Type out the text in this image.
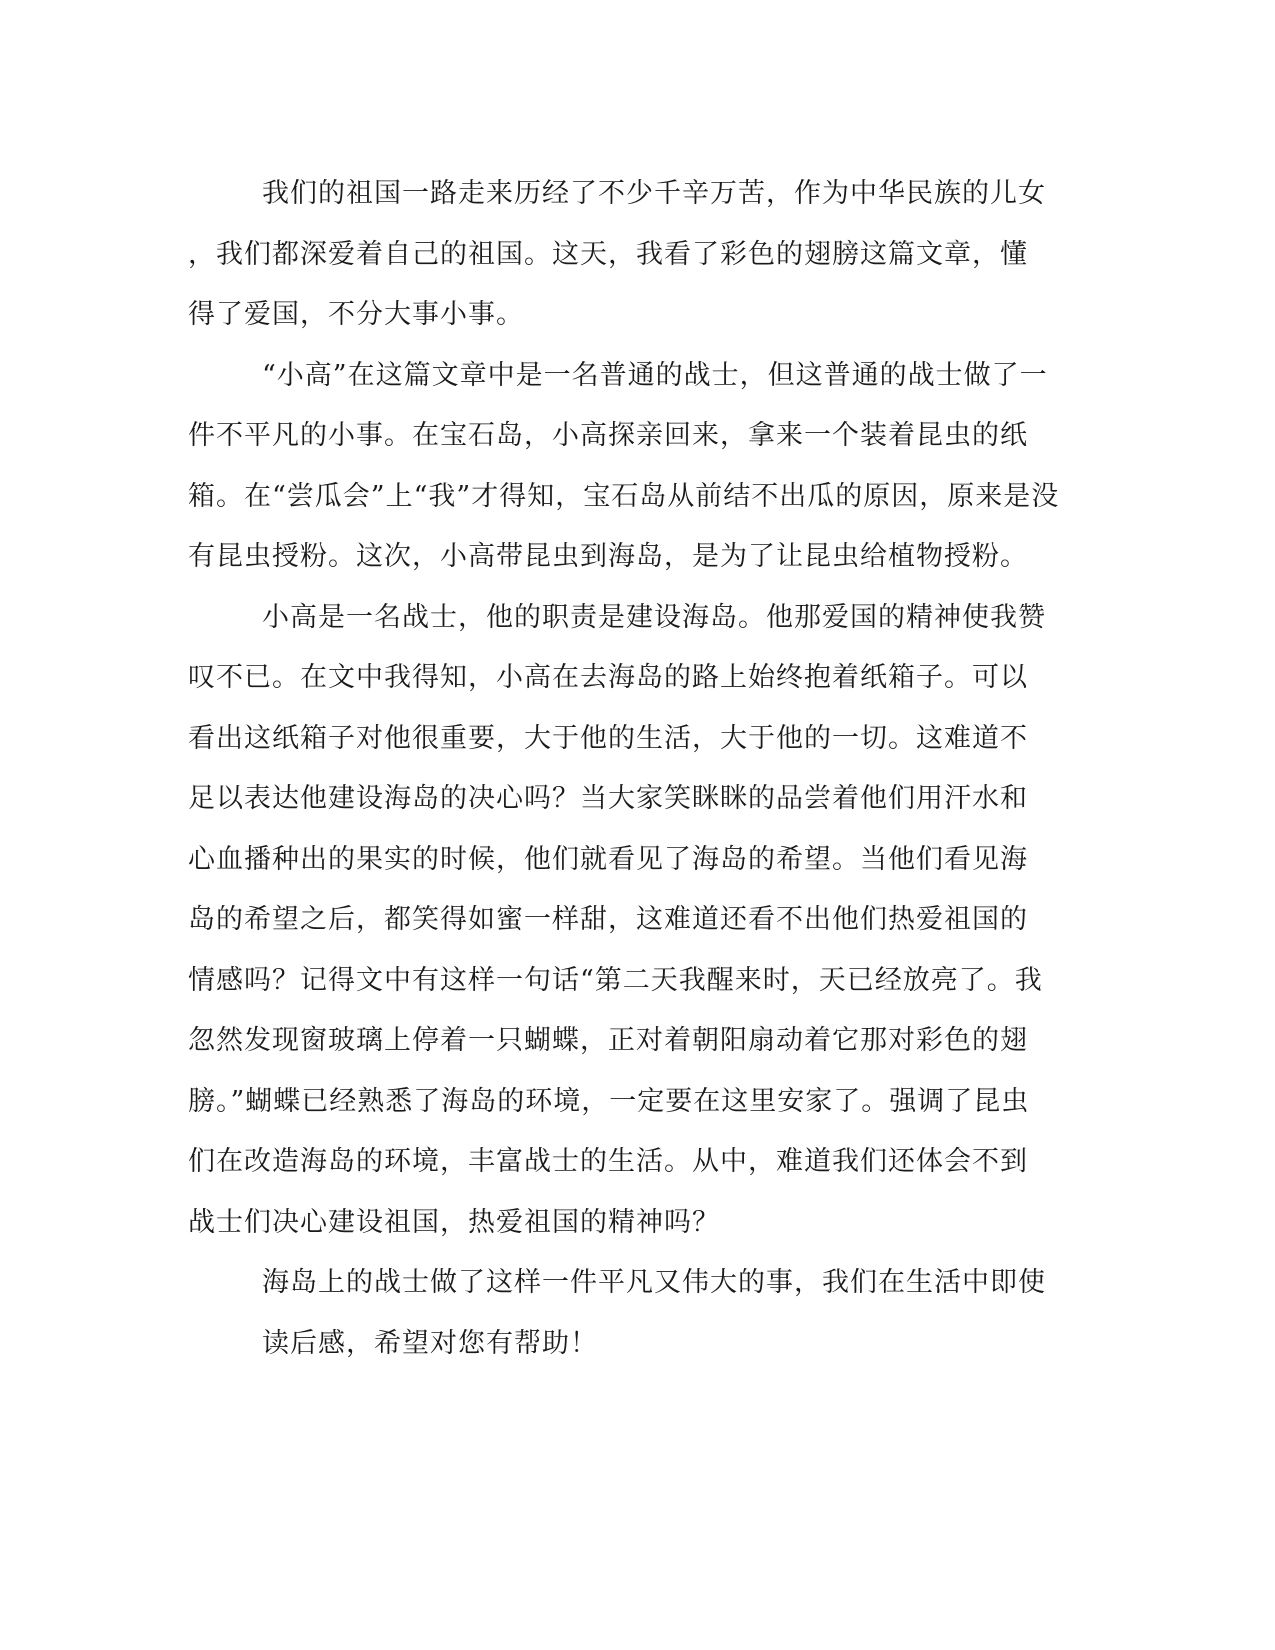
我们的祖国一路走来历经了不少千辛万苦，作为中华民族的儿女
，我们都深爱着自己的祖国。这天，我看了彩色的翅膀这篇文章，懂
得了爱国，不分大事小事。
“小高”在这篇文章中是一名普通的战士，但这普通的战士做了一
件不平凡的小事。在宝石岛，小高探亲回来，拿来一个装着昆虫的纸
箱。在“尝瓜会”上“我”才得知，宝石岛从前结不出瓜的原因，原来是没
有昆虫授粉。这次，小高带昆虫到海岛，是为了让昆虫给植物授粉。
小高是一名战士，他的职责是建设海岛。他那爱国的精神使我赞
叹不已。在文中我得知，小高在去海岛的路上始终抱着纸箱子。可以
看出这纸箱子对他很重要，大于他的生活，大于他的一切。这难道不
足以表达他建设海岛的决心吗？当大家笑眯眯的品尝着他们用汗水和
心血播种出的果实的时候，他们就看见了海岛的希望。当他们看见海
岛的希望之后，都笑得如蜜一样甜，这难道还看不出他们热爱祖国的
情感吗？记得文中有这样一句话“第二天我醒来时，天已经放亮了。我
忽然发现窗玻璃上停着一只蝴蝶，正对着朝阳扇动着它那对彩色的翅
膀。”蝴蝶已经熟悉了海岛的环境，一定要在这里安家了。强调了昆虫
们在改造海岛的环境，丰富战士的生活。从中，难道我们还体会不到
战士们决心建设祖国，热爱祖国的精神吗？
海岛上的战士做了这样一件平凡又伟大的事，我们在生活中即使
读后感，希望对您有帮助！
